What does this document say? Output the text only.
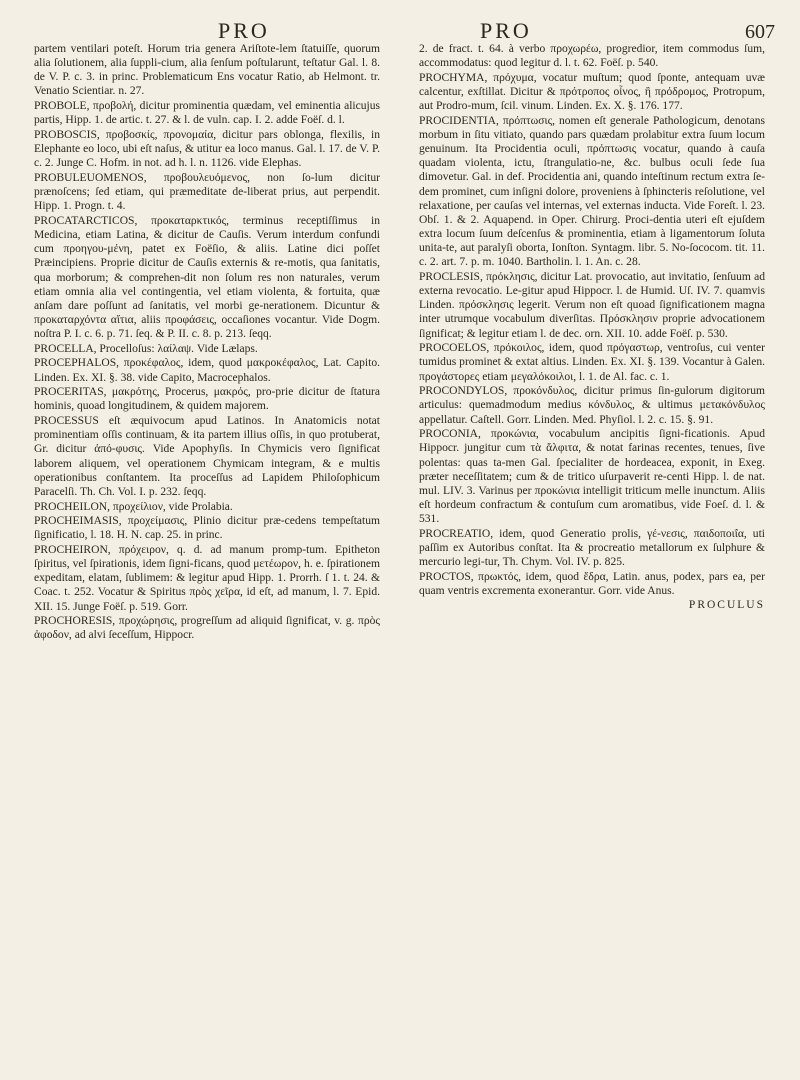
PRO	PRO	607

partem ventilari poteſt. Horum tria genera Ariſtote-lem ſtatuiſſe, quorum alia ſolutionem, alia ſuppli-cium, alia ſenſum poſtularunt, teſtatur Gal. l. 8. de V. P. c. 3. in princ. Problematicum Ens vocatur Ratio, ab Helmont. tr. Venatio Scientiar. n. 27.

PROBOLE, προβολή, dicitur prominentia quædam, vel eminentia alicujus partis, Hipp. 1. de artic. t. 27. & l. de vuln. cap. I. 2. adde Foëſ. d. l.

PROBOSCIS, προβοσκίς, προνομαία, dicitur pars oblonga, flexilis, in Elephante eo loco, ubi eſt naſus, & utitur ea loco manus. Gal. l. 17. de V. P. c. 2. Junge C. Hofm. in not. ad h. l. n. 1126. vide Elephas.

PROBULEUOMENOS, προβουλευόμενος, non ſo-lum dicitur prænoſcens; ſed etiam, qui præmeditate de-liberat prius, aut perpendit. Hipp. 1. Progn. t. 4.

PROCATARCTICOS, προκαταρκτικός, terminus receptiſſimus in Medicina, etiam Latina, & dicitur de Cauſis. Verum interdum confundi cum προηγου-μένη, patet ex Foëſio, & aliis. Latine dici poſſet Præincipiens. Proprie dicitur de Cauſis externis & re-motis, qua ſanitatis, qua morborum; & comprehen-dit non ſolum res non naturales, verum etiam omnia alia vel contingentia, vel etiam violenta, & fortuita, quæ anſam dare poſſunt ad ſanitatis, vel morbi ge-nerationem. Dicuntur & προκαταρχόντα αἴτια, aliis προφάσεις, occaſiones vocantur. Vide Dogm. noſtra P. I. c. 6. p. 71. ſeq. & P. II. c. 8. p. 213. ſeqq.

PROCELLA, Procelloſus: λαίλαψ. Vide Lælaps.

PROCEPHALOS, προκέφαλος, idem, quod μακροκέφαλος, Lat. Capito. Linden. Ex. XI. §. 38. vide Capito, Macrocephalos.

PROCERITAS, μακρότης, Procerus, μακρός, pro-prie dicitur de ſtatura hominis, quoad longitudinem, & quidem majorem.

PROCESSUS eſt æquivocum apud Latinos. In Anatomicis notat prominentiam oſſis continuam, & ita partem illius oſſis, in quo protuberat, Gr. dicitur ἀπό-φυσις. Vide Apophyſis. In Chymicis vero ſignificat laborem aliquem, vel operationem Chymicam integram, & e multis operationibus conſtantem. Ita proceſſus ad Lapidem Philoſophicum Paracelſi. Th. Ch. Vol. I. p. 232. ſeqq.

PROCHEILON, προχείλιον, vide Prolabia.

PROCHEIMASIS, προχείμασις, Plinio dicitur præ-cedens tempeſtatum ſignificatio, l. 18. H. N. cap. 25. in princ.

PROCHEIRON, πρόχειρον, q. d. ad manum promp-tum. Epitheton ſpiritus, vel ſpirationis, idem ſigni-ficans, quod μετέωρον, h. e. ſpirationem expeditam, elatam, ſublimem: & legitur apud Hipp. 1. Prorrh. ſ 1. t. 24. & Coac. t. 252. Vocatur & Spiritus πρὸς χεῖρα, id eſt, ad manum, l. 7. Epid. XII. 15. Junge Foëſ. p. 519. Gorr.

PROCHORESIS, προχώρησις, progreſſum ad aliquid ſignificat, v. g. πρὸς ἀφοδον, ad alvi ſeceſſum, Hippocr.

2. de fract. t. 64. à verbo προχωρέω, progredior, item commodus ſum, accommodatus: quod legitur d. l. t. 62. Foëſ. p. 540.

PROCHYMA, πρόχυμα, vocatur muſtum; quod ſponte, antequam uvæ calcentur, exſtillat. Dicitur & πρότροπος οἶνος, ἢ πρόδρομος, Protropum, aut Prodro-mum, ſcil. vinum. Linden. Ex. X. §. 176. 177.

PROCIDENTIA, πρόπτωσις, nomen eſt generale Pathologicum, denotans morbum in ſitu vitiato, quando pars quædam prolabitur extra ſuum locum genuinum. Ita Procidentia oculi, πρόπτωσις vocatur, quando à cauſa quadam violenta, ictu, ſtrangulatio-ne, &c. bulbus oculi ſede ſua dimovetur. Gal. in def. Procidentia ani, quando inteſtinum rectum extra ſe-dem prominet, cum inſigni dolore, proveniens à ſphincteris reſolutione, vel relaxatione, per cauſas vel internas, vel externas inducta. Vide Foreſt. l. 23. Obſ. 1. & 2. Aquapend. in Oper. Chirurg. Proci-dentia uteri eſt ejuſdem extra locum ſuum deſcenſus & prominentia, etiam à ligamentorum ſoluta unita-te, aut paralyſi oborta, Ionſton. Syntagm. libr. 5. No-ſococom. tit. 11. c. 2. art. 7. p. m. 1040. Bartholin. l. 1. An. c. 28.

PROCLESIS, πρόκλησις, dicitur Lat. provocatio, aut invitatio, ſenſuum ad externa revocatio. Le-gitur apud Hippocr. l. de Humid. Uſ. IV. 7. quamvis Linden. πρόσκλησις legerit. Verum non eſt quoad ſignificationem magna inter utrumque vocabulum diverſitas. Πρόσκλησιν proprie advocationem ſignificat; & legitur etiam l. de dec. orn. XII. 10. adde Foëſ. p. 530.

PROCOELOS, πρόκοιλος, idem, quod πρόγαστωρ, ventroſus, cui venter tumidus prominet & extat altius. Linden. Ex. XI. §. 139. Vocantur à Galen. προγάστορες etiam μεγαλόκοιλοι, l. 1. de Al. fac. c. 1.

PROCONDYLOS, προκόνδυλος, dicitur primus ſin-gulorum digitorum articulus: quemadmodum medius κόνδυλος, & ultimus μετακόνδυλος appellatur. Caſtell. Gorr. Linden. Med. Phyſiol. l. 2. c. 15. §. 91.

PROCONIA, προκώνια, vocabulum ancipitis ſigni-ficationis. Apud Hippocr. jungitur cum τὰ ἄλφιτα, & notat farinas recentes, tenues, ſive polentas: quas ta-men Gal. ſpecialiter de hordeacea, exponit, in Exeg. præter neceſſitatem; cum & de tritico uſurpaverit re-centi Hipp. l. de nat. mul. LIV. 3. Varinus per προκώνια intelligit triticum melle inunctum. Aliis eſt hordeum confractum & contuſum cum aromatibus, vide Foeſ. d. l. & 531.

PROCREATIO, idem, quod Generatio prolis, γέ-νεσις, παιδοποιΐα, uti paſſim ex Autoribus conſtat. Ita & procreatio metallorum ex ſulphure & mercurio legi-tur, Th. Chym. Vol. IV. p. 825.

PROCTOS, πρωκτός, idem, quod ἕδρα, Latin. anus, podex, pars ea, per quam ventris excrementa exonerantur. Gorr. vide Anus.

PROCULUS
